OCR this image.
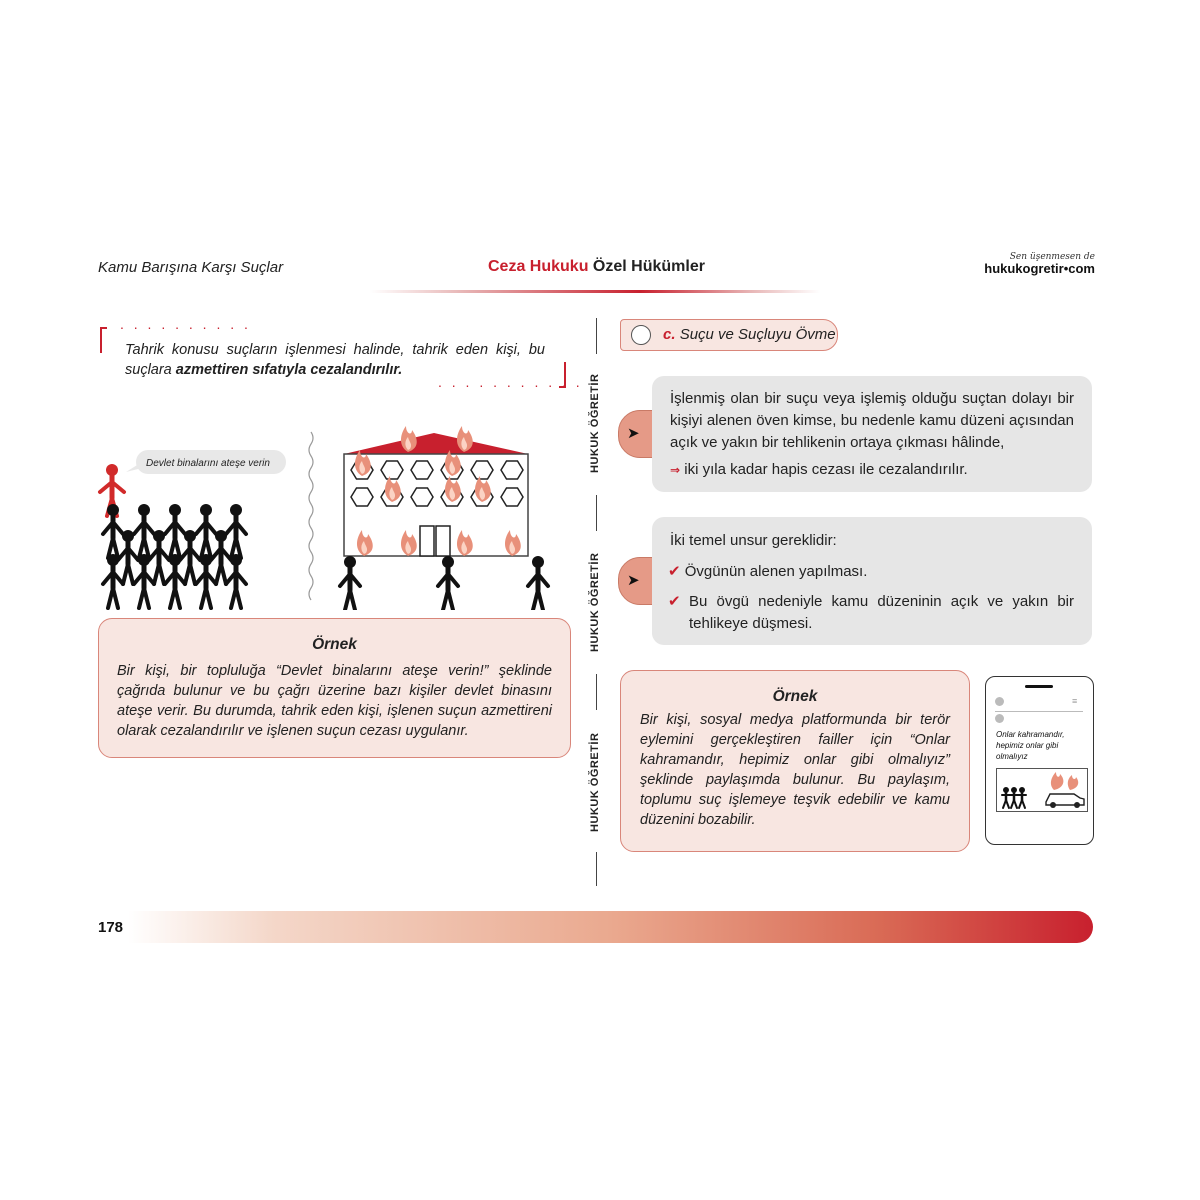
Kamu Barışına Karşı Suçlar	Ceza Hukuku Özel Hükümler
Sen üşenmesen de
hukukogretir•com
. . . . . . . . . .
Tahrik konusu suçların işlenmesi halinde, tahrik eden kişi, bu suçlara azmettiren sıfatıyla cezalandırılır.
. . . . . . . . . . .
Devlet binalarını ateşe verin
Örnek
Bir kişi, bir topluluğa “Devlet binalarını ateşe verin!” şeklinde çağrıda bulunur ve bu çağrı üzerine bazı kişiler devlet binasını ateşe verir. Bu durumda, tahrik eden kişi, işlenen suçun azmettireni olarak cezalandırılır ve işlenen suçun cezası uygulanır.
HUKUK ÖĞRETİR
HUKUK ÖĞRETİR
HUKUK ÖĞRETİR
c. Suçu ve Suçluyu Övme
➤
İşlenmiş olan bir suçu veya işlemiş olduğu suçtan dolayı bir kişiyi alenen öven kimse, bu nedenle kamu düzeni açısından açık ve yakın bir tehlikenin ortaya çıkması hâlinde,
⇒ iki yıla kadar hapis cezası ile cezalandırılır.
➤
İki temel unsur gereklidir:
✔ Övgünün alenen yapılması.
✔ Bu övgü nedeniyle kamu düzeninin açık ve yakın bir tehlikeye düşmesi.
Örnek
Bir kişi, sosyal medya platformunda bir terör eylemini gerçekleştiren failler için “Onlar kahramandır, hepimiz onlar gibi olmalıyız” şeklinde paylaşımda bulunur. Bu paylaşım, toplumu suç işlemeye teşvik edebilir ve kamu düzenini bozabilir.
≡
Onlar kahramandır, hepimiz onlar gibi olmalıyız
178
